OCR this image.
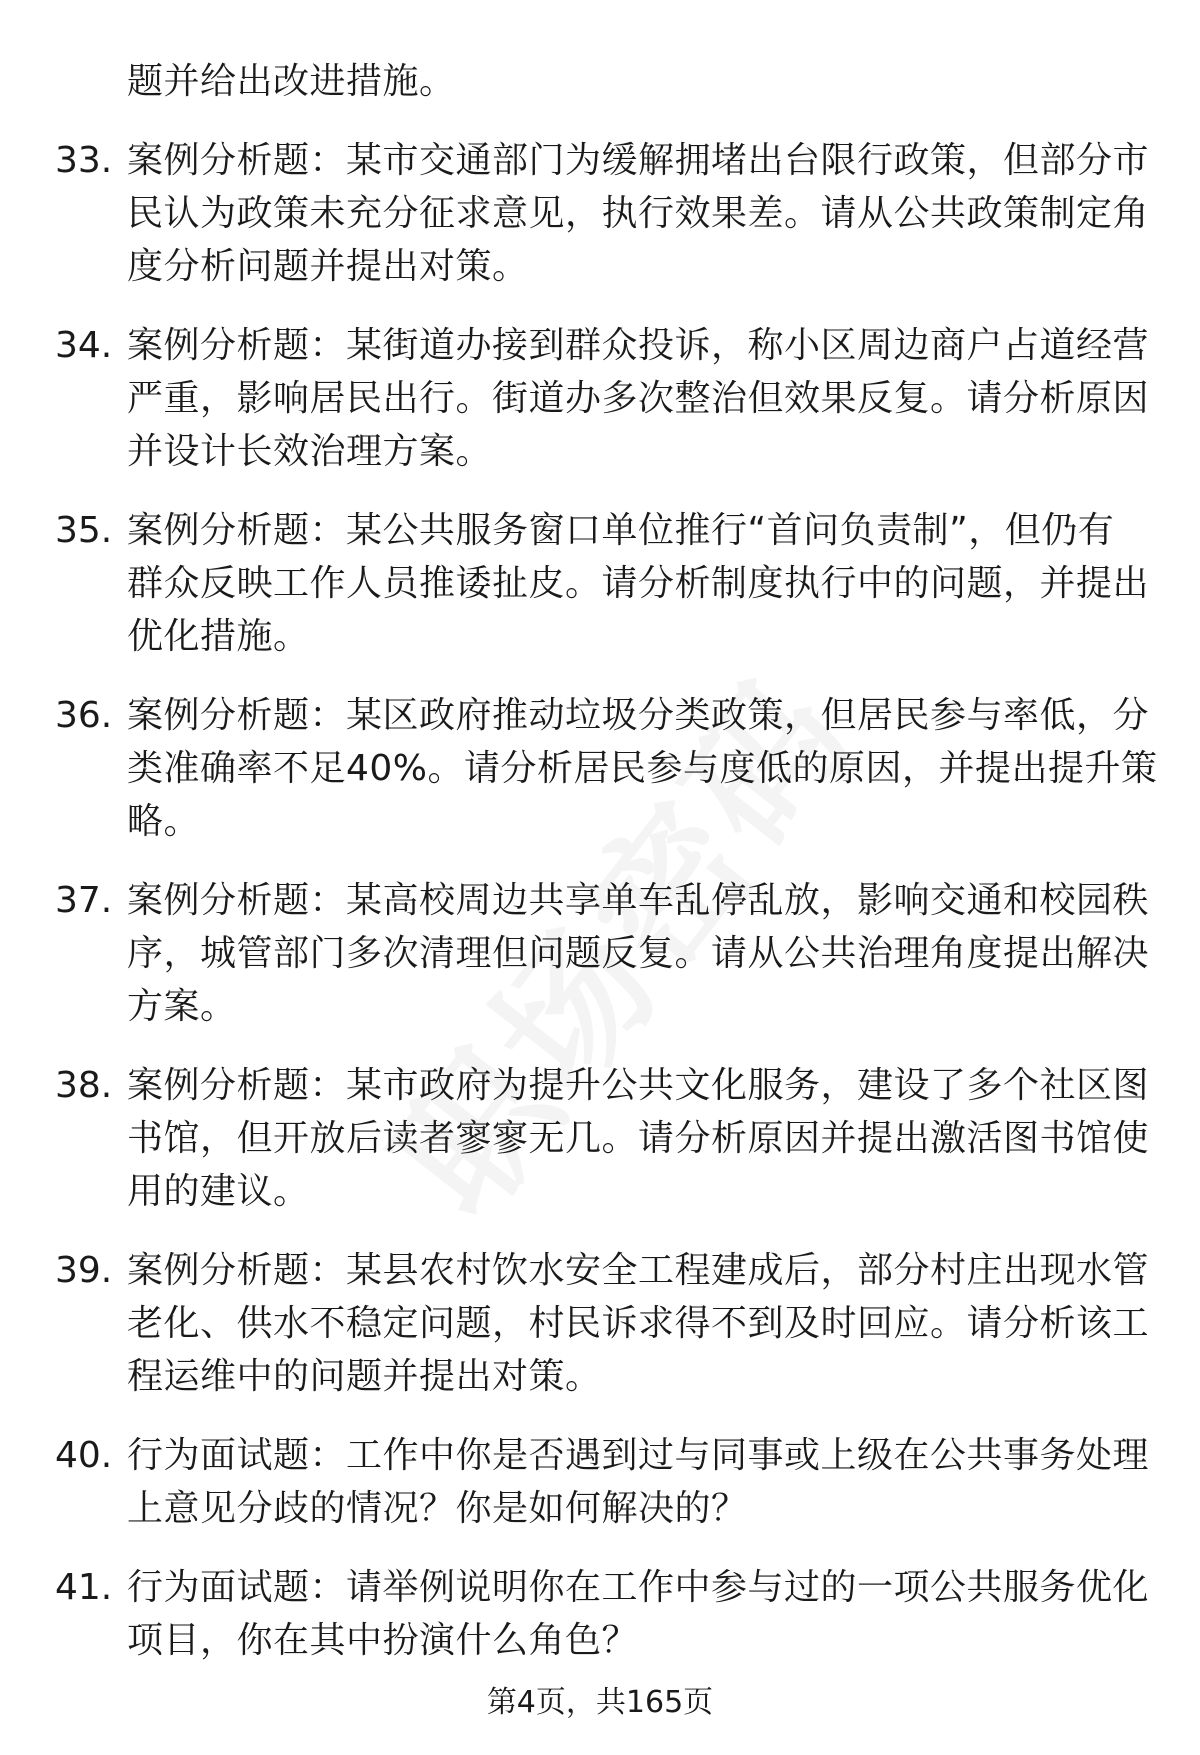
题并给出改进措施。
33. 案例分析题：某市交通部门为缓解拥堵出台限行政策，但部分市
民认为政策未充分征求意见，执行效果差。请从公共政策制定角
度分析问题并提出对策。
34. 案例分析题：某街道办接到群众投诉，称小区周边商户占道经营
严重，影响居民出行。街道办多次整治但效果反复。请分析原因
并设计长效治理方案。
35. 案例分析题：某公共服务窗口单位推行“首问负责制”，但仍有
群众反映工作人员推诿扯皮。请分析制度执行中的问题，并提出
优化措施。
36. 案例分析题：某区政府推动垃圾分类政策，但居民参与率低，分
类准确率不足40%。请分析居民参与度低的原因，并提出提升策
略。
37. 案例分析题：某高校周边共享单车乱停乱放，影响交通和校园秩
序，城管部门多次清理但问题反复。请从公共治理角度提出解决
方案。
38. 案例分析题：某市政府为提升公共文化服务，建设了多个社区图
书馆，但开放后读者寥寥无几。请分析原因并提出激活图书馆使
用的建议。
39. 案例分析题：某县农村饮水安全工程建成后，部分村庄出现水管
老化、供水不稳定问题，村民诉求得不到及时回应。请分析该工
程运维中的问题并提出对策。
40. 行为面试题：工作中你是否遇到过与同事或上级在公共事务处理
上意见分歧的情况？你是如何解决的？
41. 行为面试题：请举例说明你在工作中参与过的一项公共服务优化
项目，你在其中扮演什么角色？
第4页，共165页
